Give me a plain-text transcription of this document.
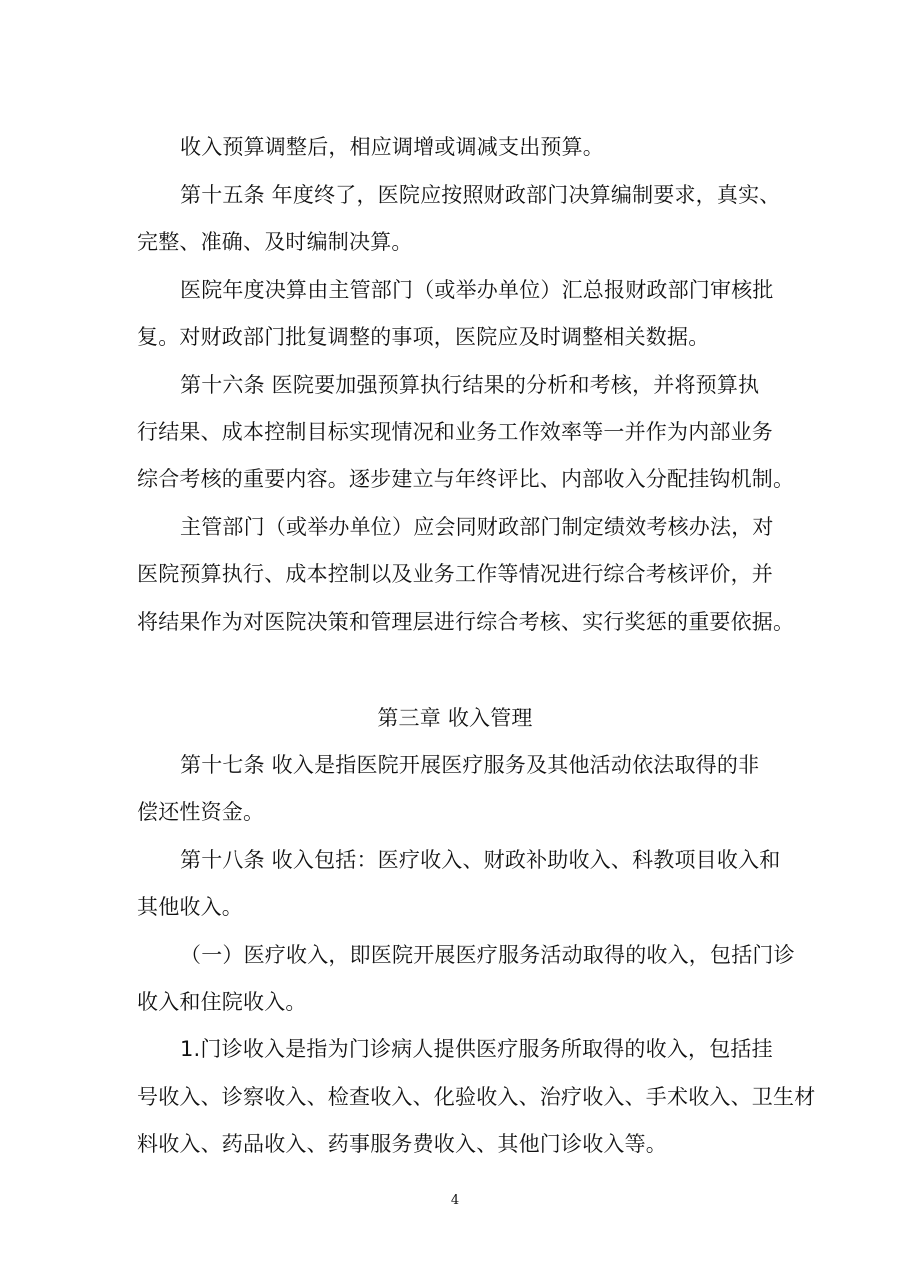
收入预算调整后，相应调增或调减支出预算。
第十五条 年度终了，医院应按照财政部门决算编制要求，真实、
完整、准确、及时编制决算。
医院年度决算由主管部门（或举办单位）汇总报财政部门审核批
复。对财政部门批复调整的事项，医院应及时调整相关数据。
第十六条 医院要加强预算执行结果的分析和考核，并将预算执
行结果、成本控制目标实现情况和业务工作效率等一并作为内部业务
综合考核的重要内容。逐步建立与年终评比、内部收入分配挂钩机制。
主管部门（或举办单位）应会同财政部门制定绩效考核办法，对
医院预算执行、成本控制以及业务工作等情况进行综合考核评价，并
将结果作为对医院决策和管理层进行综合考核、实行奖惩的重要依据。
第三章 收入管理
第十七条 收入是指医院开展医疗服务及其他活动依法取得的非
偿还性资金。
第十八条 收入包括：医疗收入、财政补助收入、科教项目收入和
其他收入。
（一）医疗收入，即医院开展医疗服务活动取得的收入，包括门诊
收入和住院收入。
1.门诊收入是指为门诊病人提供医疗服务所取得的收入，包括挂
号收入、诊察收入、检查收入、化验收入、治疗收入、手术收入、卫生材
料收入、药品收入、药事服务费收入、其他门诊收入等。
4
